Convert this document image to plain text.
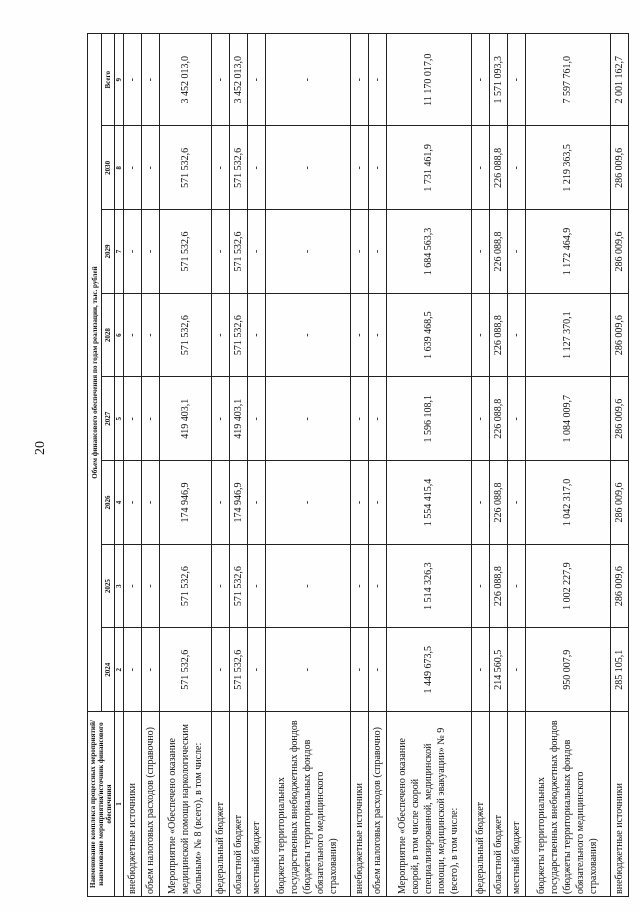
20
Наименование комплекса процессных мероприятий/наименование мероприятия/источник финансового обеспечения	Объем финансового обеспечения по годам реализации, тыс. рублей							
	2024	2025	2026	2027	2028	2029	2030	Всего
1	2	3	4	5	6	7	8	9
внебюджетные источники	-	-	-	-	-	-	-	-
объем налоговых расходов (справочно)	-	-	-	-	-	-	-	-
Мероприятие «Обеспечено оказание медицинской помощи наркологическим больным» № 8 (всего), в том числе:	571 532,6	571 532,6	174 946,9	419 403,1	571 532,6	571 532,6	571 532,6	3 452 013,0
федеральный бюджет	-	-	-	-	-	-	-	-
областной бюджет	571 532,6	571 532,6	174 946,9	419 403,1	571 532,6	571 532,6	571 532,6	3 452 013,0
местный бюджет	-	-	-	-	-	-	-	-
бюджеты территориальных государственных внебюджетных фондов (бюджеты территориальных фондов обязательного медицинского страхования)	-	-	-	-	-	-	-	-
внебюджетные источники	-	-	-	-	-	-	-	-
объем налоговых расходов (справочно)	-	-	-	-	-	-	-	-
Мероприятие «Обеспечено оказание скорой, в том числе скорой специализированной, медицинской помощи, медицинской эвакуации» № 9 (всего), в том числе:	1 449 673,5	1 514 326,3	1 554 415,4	1 596 108,1	1 639 468,5	1 684 563,3	1 731 461,9	11 170 017,0
федеральный бюджет	-	-	-	-	-	-	-	-
областной бюджет	214 560,5	226 088,8	226 088,8	226 088,8	226 088,8	226 088,8	226 088,8	1 571 093,3
местный бюджет	-	-	-	-	-	-	-	-
бюджеты территориальных государственных внебюджетных фондов (бюджеты территориальных фондов обязательного медицинского страхования)	950 007,9	1 002 227,9	1 042 317,0	1 084 009,7	1 127 370,1	1 172 464,9	1 219 363,5	7 597 761,0
внебюджетные источники	285 105,1	286 009,6	286 009,6	286 009,6	286 009,6	286 009,6	286 009,6	2 001 162,7
